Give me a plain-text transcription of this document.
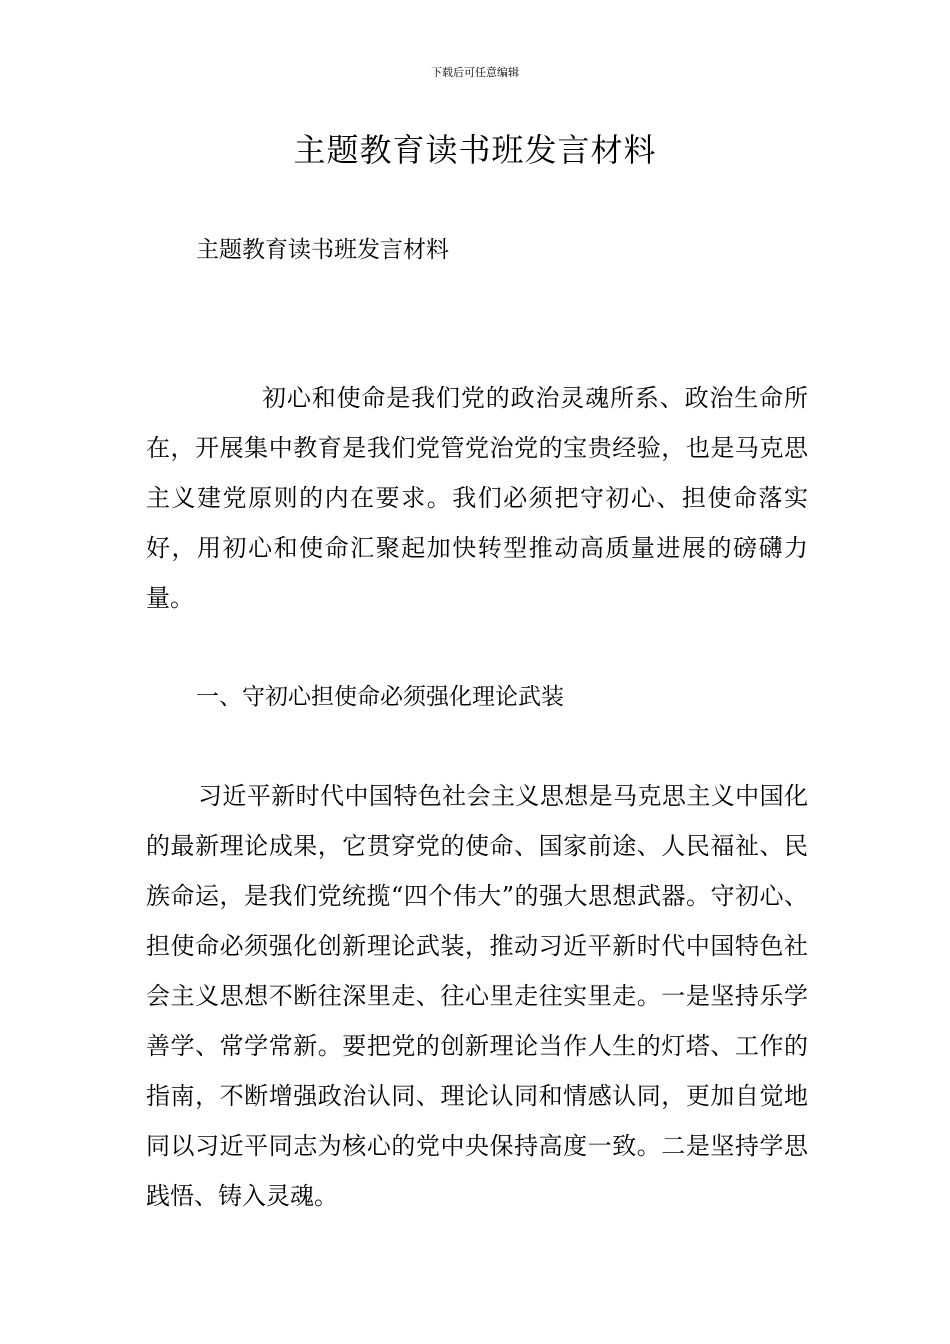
下载后可任意编辑
主题教育读书班发言材料
主题教育读书班发言材料

初心和使命是我们党的政治灵魂所系、政治生命所在，开展集中教育是我们党管党治党的宝贵经验，也是马克思主义建党原则的内在要求。我们必须把守初心、担使命落实好，用初心和使命汇聚起加快转型推动高质量进展的磅礴力量。

一、守初心担使命必须强化理论武装

习近平新时代中国特色社会主义思想是马克思主义中国化的最新理论成果，它贯穿党的使命、国家前途、人民福祉、民族命运，是我们党统揽“四个伟大”的强大思想武器。守初心、担使命必须强化创新理论武装，推动习近平新时代中国特色社会主义思想不断往深里走、往心里走往实里走。一是坚持乐学善学、常学常新。要把党的创新理论当作人生的灯塔、工作的指南，不断增强政治认同、理论认同和情感认同，更加自觉地同以习近平同志为核心的党中央保持高度一致。二是坚持学思践悟、铸入灵魂。
